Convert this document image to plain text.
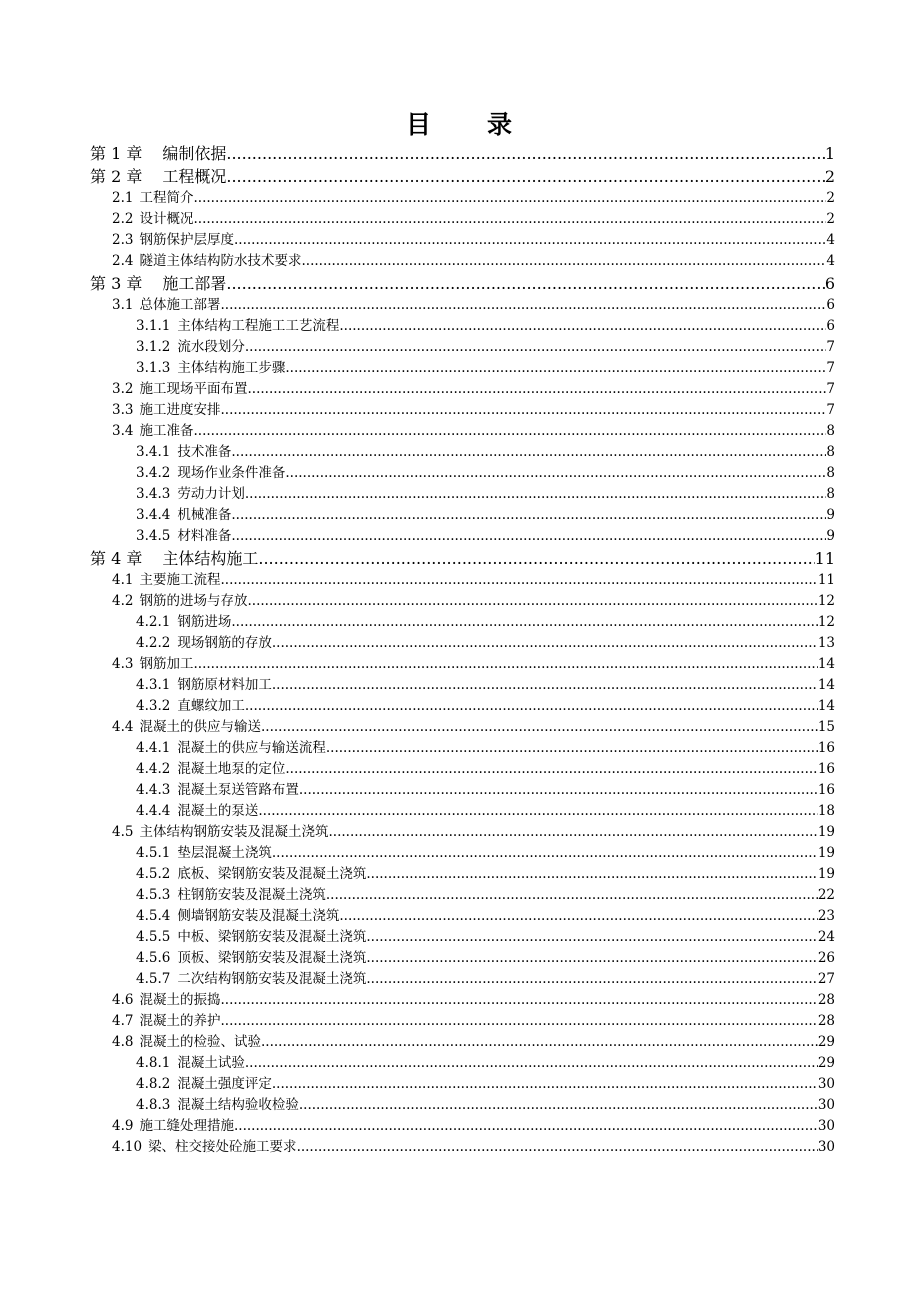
目　　录
第 1 章 编制依据 .....	1
第 2 章 工程概况 .....	2
2.1 工程简介 .....	2
2.2 设计概况 .....	2
2.3 钢筋保护层厚度 .....	4
2.4 隧道主体结构防水技术要求 .....	4
第 3 章 施工部署 .....	6
3.1 总体施工部署 .....	6
3.1.1 主体结构工程施工工艺流程 .....	6
3.1.2 流水段划分 .....	7
3.1.3 主体结构施工步骤 .....	7
3.2 施工现场平面布置 .....	7
3.3 施工进度安排 .....	7
3.4 施工准备 .....	8
3.4.1 技术准备 .....	8
3.4.2 现场作业条件准备 .....	8
3.4.3 劳动力计划 .....	8
3.4.4 机械准备 .....	9
3.4.5 材料准备 .....	9
第 4 章 主体结构施工 .....	11
4.1 主要施工流程 .....	11
4.2 钢筋的进场与存放 .....	12
4.2.1 钢筋进场 .....	12
4.2.2 现场钢筋的存放 .....	13
4.3 钢筋加工 .....	14
4.3.1 钢筋原材料加工 .....	14
4.3.2 直螺纹加工 .....	14
4.4 混凝土的供应与输送 .....	15
4.4.1 混凝土的供应与输送流程 .....	16
4.4.2 混凝土地泵的定位 .....	16
4.4.3 混凝土泵送管路布置 .....	16
4.4.4 混凝土的泵送 .....	18
4.5 主体结构钢筋安装及混凝土浇筑 .....	19
4.5.1 垫层混凝土浇筑 .....	19
4.5.2 底板、梁钢筋安装及混凝土浇筑 .....	19
4.5.3 柱钢筋安装及混凝土浇筑 .....	22
4.5.4 侧墙钢筋安装及混凝土浇筑 .....	23
4.5.5 中板、梁钢筋安装及混凝土浇筑 .....	24
4.5.6 顶板、梁钢筋安装及混凝土浇筑 .....	26
4.5.7 二次结构钢筋安装及混凝土浇筑 .....	27
4.6 混凝土的振捣 .....	28
4.7 混凝土的养护 .....	28
4.8 混凝土的检验、试验 .....	29
4.8.1 混凝土试验 .....	29
4.8.2 混凝土强度评定 .....	30
4.8.3 混凝土结构验收检验 .....	30
4.9 施工缝处理措施 .....	30
4.10 梁、柱交接处砼施工要求 .....	30
